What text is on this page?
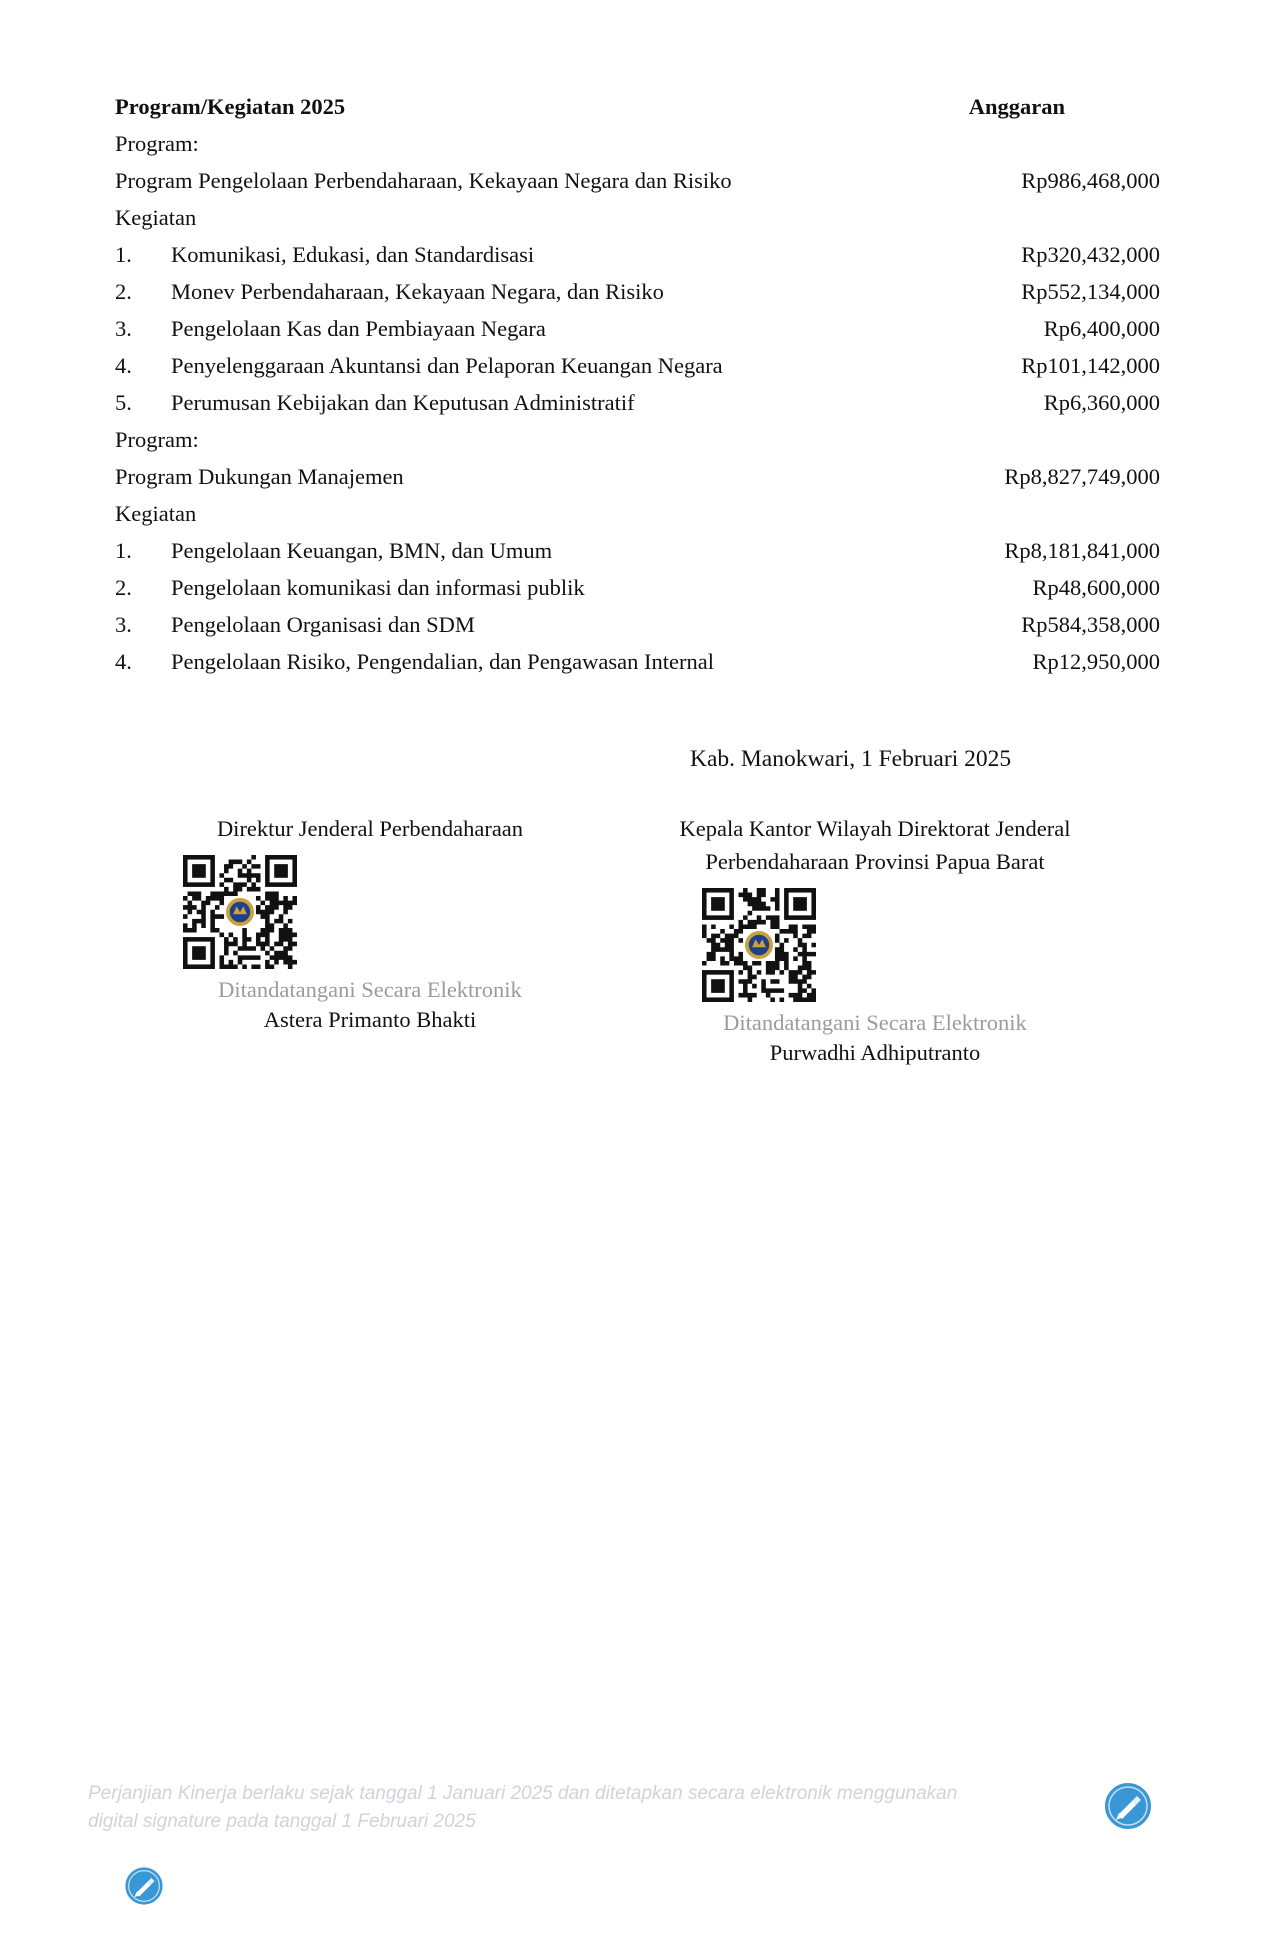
Program/Kegiatan 2025	Anggaran
Program:
Program Pengelolaan Perbendaharaan, Kekayaan Negara dan Risiko	Rp986,468,000
Kegiatan
1.	Komunikasi, Edukasi, dan Standardisasi	Rp320,432,000
2.	Monev Perbendaharaan, Kekayaan Negara, dan Risiko	Rp552,134,000
3.	Pengelolaan Kas dan Pembiayaan Negara	Rp6,400,000
4.	Penyelenggaraan Akuntansi dan Pelaporan Keuangan Negara	Rp101,142,000
5.	Perumusan Kebijakan dan Keputusan Administratif	Rp6,360,000
Program:
Program Dukungan Manajemen	Rp8,827,749,000
Kegiatan
1.	Pengelolaan Keuangan, BMN, dan Umum	Rp8,181,841,000
2.	Pengelolaan komunikasi dan informasi publik	Rp48,600,000
3.	Pengelolaan Organisasi dan SDM	Rp584,358,000
4.	Pengelolaan Risiko, Pengendalian, dan Pengawasan Internal	Rp12,950,000
Kab. Manokwari, 1 Februari 2025
Direktur Jenderal Perbendaharaan
Ditandatangani Secara Elektronik
Astera Primanto Bhakti
Kepala Kantor Wilayah Direktorat Jenderal
Perbendaharaan Provinsi Papua Barat
Ditandatangani Secara Elektronik
Purwadhi Adhiputranto
Perjanjian Kinerja berlaku sejak tanggal 1 Januari 2025 dan ditetapkan secara elektronik menggunakan
digital signature pada tanggal 1 Februari 2025
